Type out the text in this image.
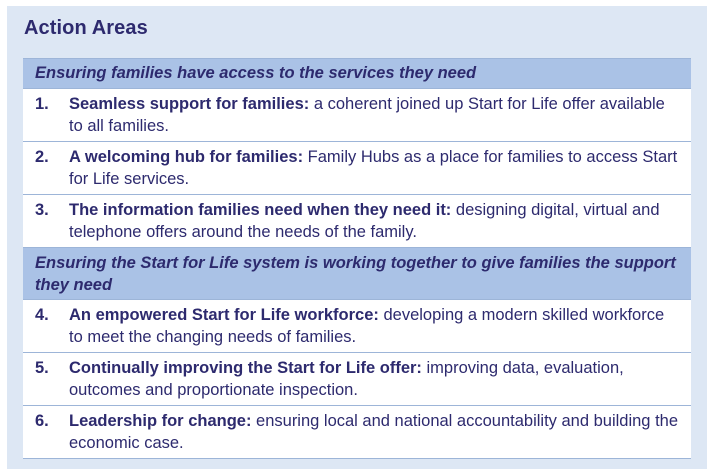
Action Areas
Ensuring families have access to the services they need
1. Seamless support for families: a coherent joined up Start for Life offer available to all families.
2. A welcoming hub for families: Family Hubs as a place for families to access Start for Life services.
3. The information families need when they need it: designing digital, virtual and telephone offers around the needs of the family.
Ensuring the Start for Life system is working together to give families the support they need
4. An empowered Start for Life workforce: developing a modern skilled workforce to meet the changing needs of families.
5. Continually improving the Start for Life offer: improving data, evaluation, outcomes and proportionate inspection.
6. Leadership for change: ensuring local and national accountability and building the economic case.
